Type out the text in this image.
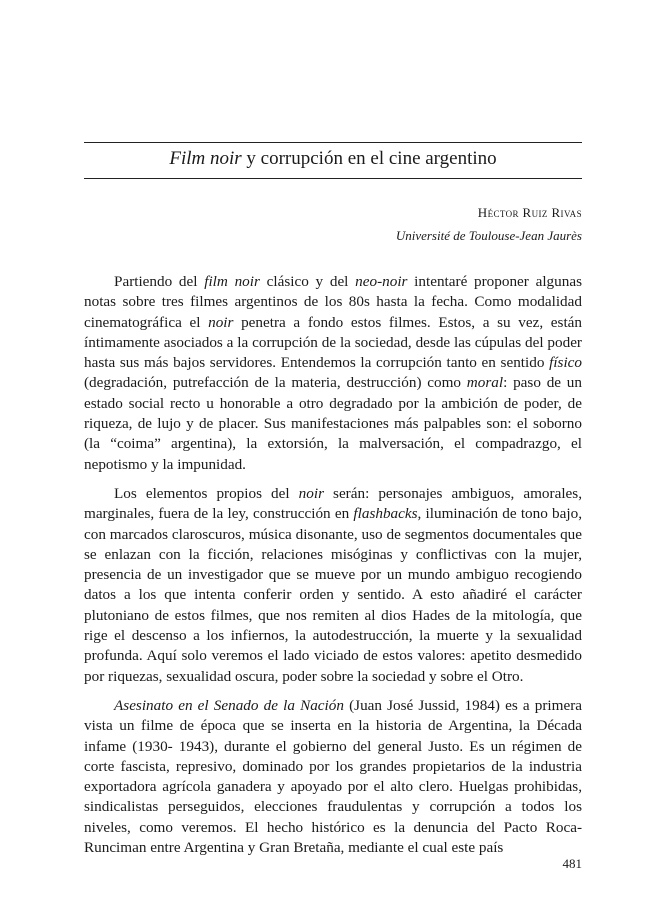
Film noir y corrupción en el cine argentino
Héctor Ruiz Rivas
Université de Toulouse-Jean Jaurès

Partiendo del film noir clásico y del neo-noir intentaré proponer algunas notas sobre tres filmes argentinos de los 80s hasta la fecha. Como modalidad cinematográfica el noir penetra a fondo estos filmes. Estos, a su vez, están íntimamente asociados a la corrupción de la sociedad, desde las cúpulas del poder hasta sus más bajos servidores. Entendemos la corrupción tanto en sentido físico (degradación, putrefacción de la materia, destrucción) como moral: paso de un estado social recto u honorable a otro degradado por la ambición de poder, de riqueza, de lujo y de placer. Sus manifestaciones más palpables son: el soborno (la “coima” argentina), la extorsión, la malversación, el compadrazgo, el nepotismo y la impunidad.

Los elementos propios del noir serán: personajes ambiguos, amorales, marginales, fuera de la ley, construcción en flashbacks, iluminación de tono bajo, con marcados claroscuros, música disonante, uso de segmentos documentales que se enlazan con la ficción, relaciones misóginas y conflictivas con la mujer, presencia de un investigador que se mueve por un mundo ambiguo recogiendo datos a los que intenta conferir orden y sentido. A esto añadiré el carácter plutoniano de estos filmes, que nos remiten al dios Hades de la mitología, que rige el descenso a los infiernos, la autodestrucción, la muerte y la sexualidad profunda. Aquí solo veremos el lado viciado de estos valores: apetito desmedido por riquezas, sexualidad oscura, poder sobre la sociedad y sobre el Otro.

Asesinato en el Senado de la Nación (Juan José Jussid, 1984) es a primera vista un filme de época que se inserta en la historia de Argentina, la Década infame (1930- 1943), durante el gobierno del general Justo. Es un régimen de corte fascista, represivo, dominado por los grandes propietarios de la industria exportadora agrícola ganadera y apoyado por el alto clero. Huelgas prohibidas, sindicalistas perseguidos, elecciones fraudulentas y corrupción a todos los niveles, como veremos. El hecho histórico es la denuncia del Pacto Roca-Runciman entre Argentina y Gran Bretaña, mediante el cual este país

481
